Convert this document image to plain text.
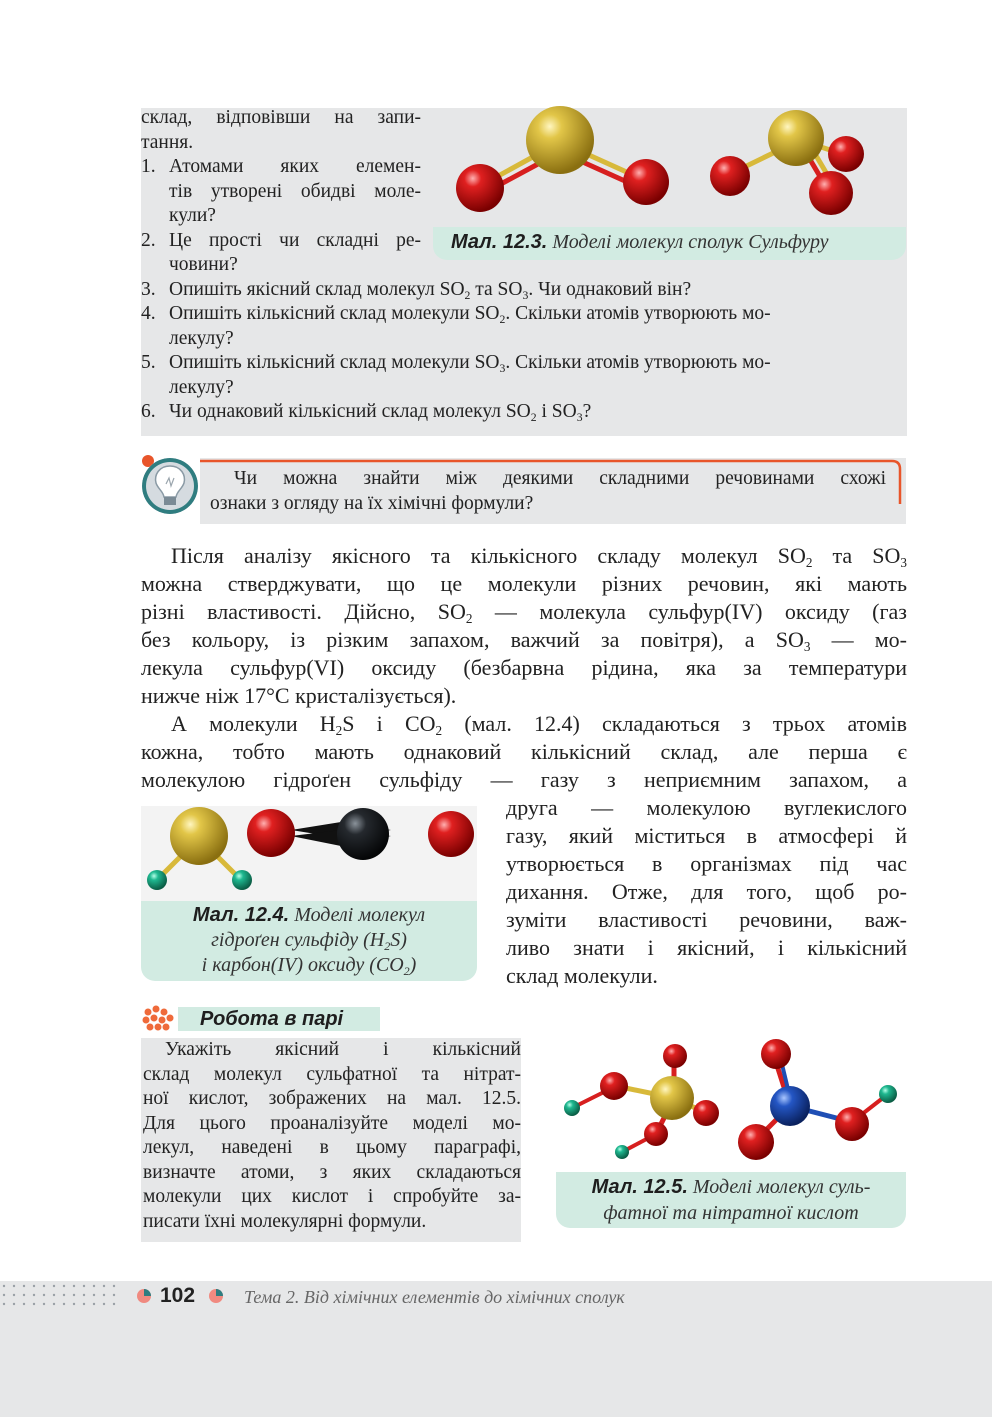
Мал. 12.3. Моделі молекул сполук Сульфуру
склад, відповівши на запи-
тання.
1. Атомами яких елемен-
тів утворені обидві моле-
кули?
2. Це прості чи складні ре-
човини?
3. Опишіть якісний склад молекул $SO_2$ та $SO_3$. Чи однаковий він?
4. Опишіть кількісний склад молекули $SO_2$. Скільки атомів утворюють мо-
лекулу?
5. Опишіть кількісний склад молекули $SO_3$. Скільки атомів утворюють мо-
лекулу?
6. Чи однаковий кількісний склад молекул $SO_2$ і $SO_3$?
Чи можна знайти між деякими складними речовинами схожі
ознаки з огляду на їх хімічні формули?
Після аналізу якісного та кількісного складу молекул $SO_2$ та $SO_3$
можна стверджувати, що це молекули різних речовин, які мають
різні властивості. Дійсно, $SO_2$ — молекула сульфур(IV) оксиду (газ
без кольору, із різким запахом, важчий за повітря), а $SO_3$ — мо-
лекула сульфур(VI) оксиду (безбарвна рідина, яка за температури
нижче ніж 17°C кристалізується).
А молекули $H_2S$ і $CO_2$ (мал. 12.4) складаються з трьох атомів
кожна, тобто мають однаковий кількісний склад, але перша є
молекулою гідроґен сульфіду — газу з неприємним запахом, а
друга — молекулою вуглекислого
газу, який міститься в атмосфері й
утворюється в організмах під час
дихання. Отже, для того, щоб ро-
зуміти властивості речовини, важ-
ливо знати і якісний, і кількісний
склад молекули.
Мал. 12.4. Моделі молекул
гідроґен сульфіду $(H_2S)$
і карбон(IV) оксиду $(CO_2)$
Робота в парі
Укажіть якісний і кількісний
склад молекул сульфатної та нітрат-
ної кислот, зображених на мал. 12.5.
Для цього проаналізуйте моделі мо-
лекул, наведені в цьому параграфі,
визначте атоми, з яких складаються
молекули цих кислот і спробуйте за-
писати їхні молекулярні формули.
Мал. 12.5. Моделі молекул суль-
фатної та нітратної кислот
102	Тема 2. Від хімічних елементів до хімічних сполук
